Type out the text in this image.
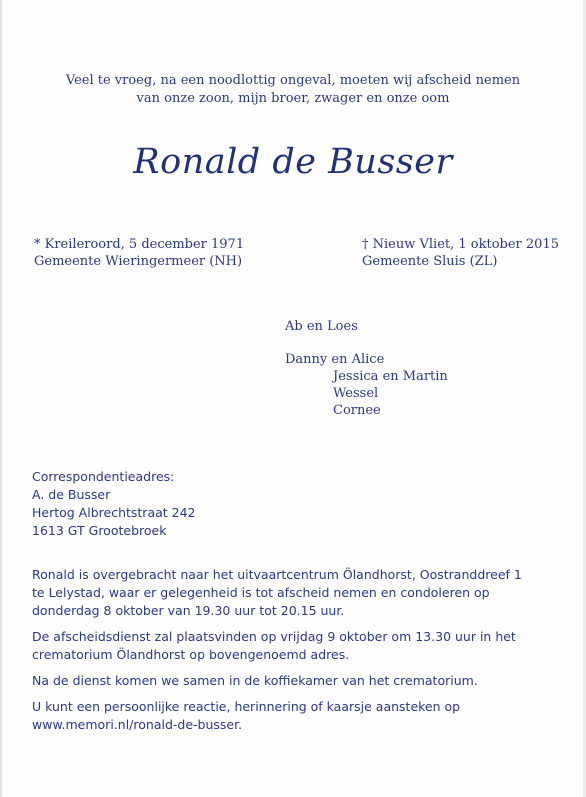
Veel te vroeg, na een noodlottig ongeval, moeten wij afscheid nemen
van onze zoon, mijn broer, zwager en onze oom
Ronald de Busser
* Kreileroord, 5 december 1971
Gemeente Wieringermeer (NH)
† Nieuw Vliet, 1 oktober 2015
Gemeente Sluis (ZL)
Ab en Loes
Danny en Alice
Jessica en Martin
Wessel
Cornee
Correspondentieadres:
A. de Busser
Hertog Albrechtstraat 242
1613 GT Grootebroek

Ronald is overgebracht naar het uitvaartcentrum Ölandhorst, Oostranddreef 1
te Lelystad, waar er gelegenheid is tot afscheid nemen en condoleren op
donderdag 8 oktober van 19.30 uur tot 20.15 uur.

De afscheidsdienst zal plaatsvinden op vrijdag 9 oktober om 13.30 uur in het
crematorium Ölandhorst op bovengenoemd adres.

Na de dienst komen we samen in de koffiekamer van het crematorium.

U kunt een persoonlijke reactie, herinnering of kaarsje aansteken op
www.memori.nl/ronald-de-busser.
